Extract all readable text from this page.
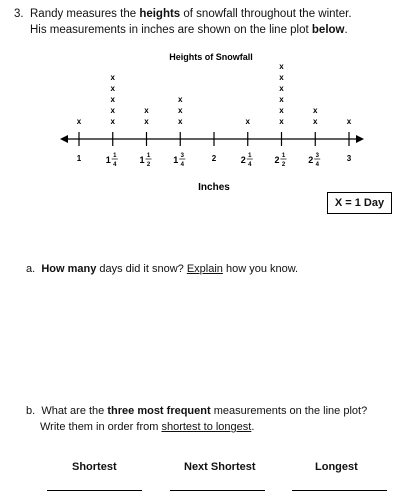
3. Randy measures the heights of snowfall throughout the winter.
His measurements in inches are shown on the line plot below.
Heights of Snowfall
1	1 1
4	1 1
2	1 3
4
2	2 1
4	2 1
2	2 3
4
3
x	x
x
x
x
x
x
x
x
x
x
x	x
x
x
x
x
x
x
x
x
Inches
X = 1 Day
a. How many days did it snow? Explain how you know.
b. What are the three most frequent measurements on the line plot?
Write them in order from shortest to longest.
Shortest	Next Shortest	Longest
